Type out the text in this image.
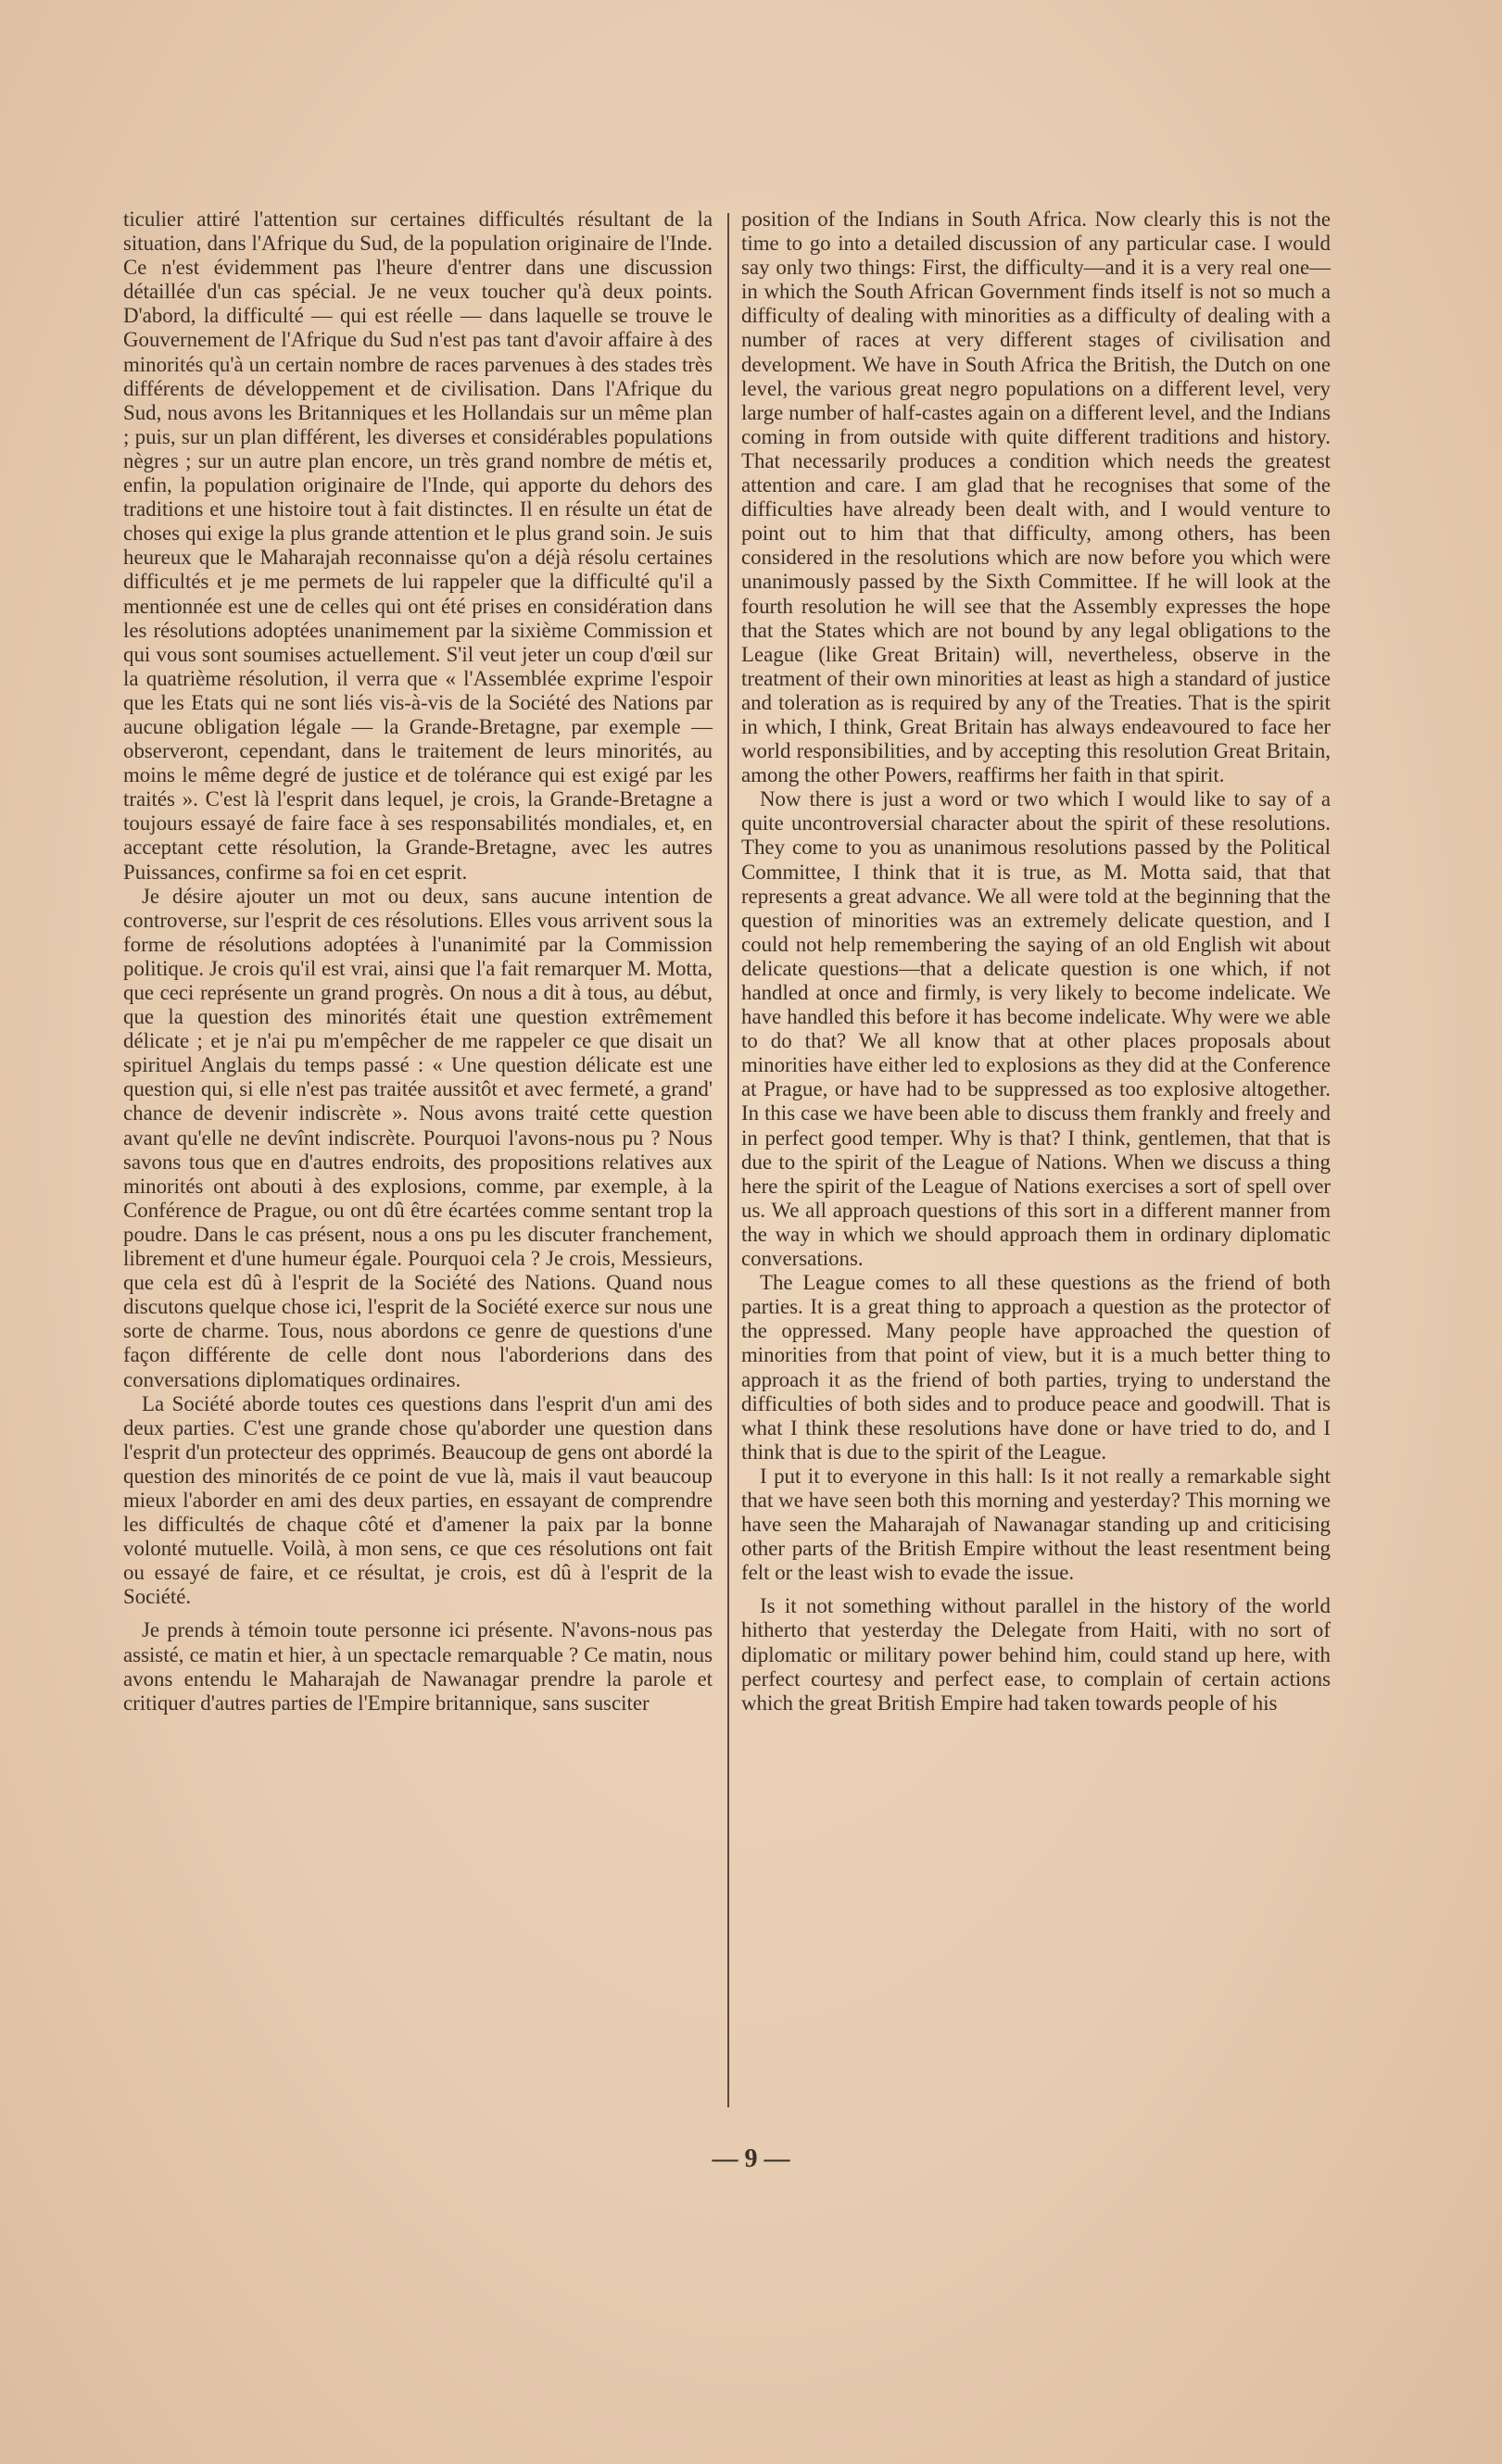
ticulier attiré l'attention sur certaines difficultés résultant de la situation, dans l'Afrique du Sud, de la population originaire de l'Inde. Ce n'est évidemment pas l'heure d'entrer dans une discussion détaillée d'un cas spécial. Je ne veux toucher qu'à deux points. D'abord, la difficulté — qui est réelle — dans laquelle se trouve le Gouvernement de l'Afrique du Sud n'est pas tant d'avoir affaire à des minorités qu'à un certain nombre de races parvenues à des stades très différents de développement et de civilisation. Dans l'Afrique du Sud, nous avons les Britanniques et les Hollandais sur un même plan ; puis, sur un plan différent, les diverses et considérables populations nègres ; sur un autre plan encore, un très grand nombre de métis et, enfin, la population originaire de l'Inde, qui apporte du dehors des traditions et une histoire tout à fait distinctes. Il en résulte un état de choses qui exige la plus grande attention et le plus grand soin. Je suis heureux que le Maharajah reconnaisse qu'on a déjà résolu certaines difficultés et je me permets de lui rappeler que la difficulté qu'il a mentionnée est une de celles qui ont été prises en considération dans les résolutions adoptées unanimement par la sixième Commission et qui vous sont soumises actuellement. S'il veut jeter un coup d'œil sur la quatrième résolution, il verra que « l'Assemblée exprime l'espoir que les Etats qui ne sont liés vis-à-vis de la Société des Nations par aucune obligation légale — la Grande-Bretagne, par exemple — observeront, cependant, dans le traitement de leurs minorités, au moins le même degré de justice et de tolérance qui est exigé par les traités ». C'est là l'esprit dans lequel, je crois, la Grande-Bretagne a toujours essayé de faire face à ses responsabilités mondiales, et, en acceptant cette résolution, la Grande-Bretagne, avec les autres Puissances, confirme sa foi en cet esprit.

Je désire ajouter un mot ou deux, sans aucune intention de controverse, sur l'esprit de ces résolutions. Elles vous arrivent sous la forme de résolutions adoptées à l'unanimité par la Commission politique. Je crois qu'il est vrai, ainsi que l'a fait remarquer M. Motta, que ceci représente un grand progrès. On nous a dit à tous, au début, que la question des minorités était une question extrêmement délicate ; et je n'ai pu m'empêcher de me rappeler ce que disait un spirituel Anglais du temps passé : « Une question délicate est une question qui, si elle n'est pas traitée aussitôt et avec fermeté, a grand' chance de devenir indiscrète ». Nous avons traité cette question avant qu'elle ne devînt indiscrète. Pourquoi l'avons-nous pu ? Nous savons tous que en d'autres endroits, des propositions relatives aux minorités ont abouti à des explosions, comme, par exemple, à la Conférence de Prague, ou ont dû être écartées comme sentant trop la poudre. Dans le cas présent, nous a ons pu les discuter franchement, librement et d'une humeur égale. Pourquoi cela ? Je crois, Messieurs, que cela est dû à l'esprit de la Société des Nations. Quand nous discutons quelque chose ici, l'esprit de la Société exerce sur nous une sorte de charme. Tous, nous abordons ce genre de questions d'une façon différente de celle dont nous l'aborderions dans des conversations diplomatiques ordinaires.

La Société aborde toutes ces questions dans l'esprit d'un ami des deux parties. C'est une grande chose qu'aborder une question dans l'esprit d'un protecteur des opprimés. Beaucoup de gens ont abordé la question des minorités de ce point de vue là, mais il vaut beaucoup mieux l'aborder en ami des deux parties, en essayant de comprendre les difficultés de chaque côté et d'amener la paix par la bonne volonté mutuelle. Voilà, à mon sens, ce que ces résolutions ont fait ou essayé de faire, et ce résultat, je crois, est dû à l'esprit de la Société.

Je prends à témoin toute personne ici présente. N'avons-nous pas assisté, ce matin et hier, à un spectacle remarquable ? Ce matin, nous avons entendu le Maharajah de Nawanagar prendre la parole et critiquer d'autres parties de l'Empire britannique, sans susciter

position of the Indians in South Africa. Now clearly this is not the time to go into a detailed discussion of any particular case. I would say only two things: First, the difficulty—and it is a very real one—in which the South African Government finds itself is not so much a difficulty of dealing with minorities as a difficulty of dealing with a number of races at very different stages of civilisation and development. We have in South Africa the British, the Dutch on one level, the various great negro populations on a different level, very large number of half-castes again on a different level, and the Indians coming in from outside with quite different traditions and history. That necessarily produces a condition which needs the greatest attention and care. I am glad that he recognises that some of the difficulties have already been dealt with, and I would venture to point out to him that that difficulty, among others, has been considered in the resolutions which are now before you which were unanimously passed by the Sixth Committee. If he will look at the fourth resolution he will see that the Assembly expresses the hope that the States which are not bound by any legal obligations to the League (like Great Britain) will, nevertheless, observe in the treatment of their own minorities at least as high a standard of justice and toleration as is required by any of the Treaties. That is the spirit in which, I think, Great Britain has always endeavoured to face her world responsibilities, and by accepting this resolution Great Britain, among the other Powers, reaffirms her faith in that spirit.

Now there is just a word or two which I would like to say of a quite uncontroversial character about the spirit of these resolutions. They come to you as unanimous resolutions passed by the Political Committee, I think that it is true, as M. Motta said, that that represents a great advance. We all were told at the beginning that the question of minorities was an extremely delicate question, and I could not help remembering the saying of an old English wit about delicate questions—that a delicate question is one which, if not handled at once and firmly, is very likely to become indelicate. We have handled this before it has become indelicate. Why were we able to do that? We all know that at other places proposals about minorities have either led to explosions as they did at the Conference at Prague, or have had to be suppressed as too explosive altogether. In this case we have been able to discuss them frankly and freely and in perfect good temper. Why is that? I think, gentlemen, that that is due to the spirit of the League of Nations. When we discuss a thing here the spirit of the League of Nations exercises a sort of spell over us. We all approach questions of this sort in a different manner from the way in which we should approach them in ordinary diplomatic conversations.

The League comes to all these questions as the friend of both parties. It is a great thing to approach a question as the protector of the oppressed. Many people have approached the question of minorities from that point of view, but it is a much better thing to approach it as the friend of both parties, trying to understand the difficulties of both sides and to produce peace and goodwill. That is what I think these resolutions have done or have tried to do, and I think that is due to the spirit of the League.

I put it to everyone in this hall: Is it not really a remarkable sight that we have seen both this morning and yesterday? This morning we have seen the Maharajah of Nawanagar standing up and criticising other parts of the British Empire without the least resentment being felt or the least wish to evade the issue.

Is it not something without parallel in the history of the world hitherto that yesterday the Delegate from Haiti, with no sort of diplomatic or military power behind him, could stand up here, with perfect courtesy and perfect ease, to complain of certain actions which the great British Empire had taken towards people of his

— 9 —
